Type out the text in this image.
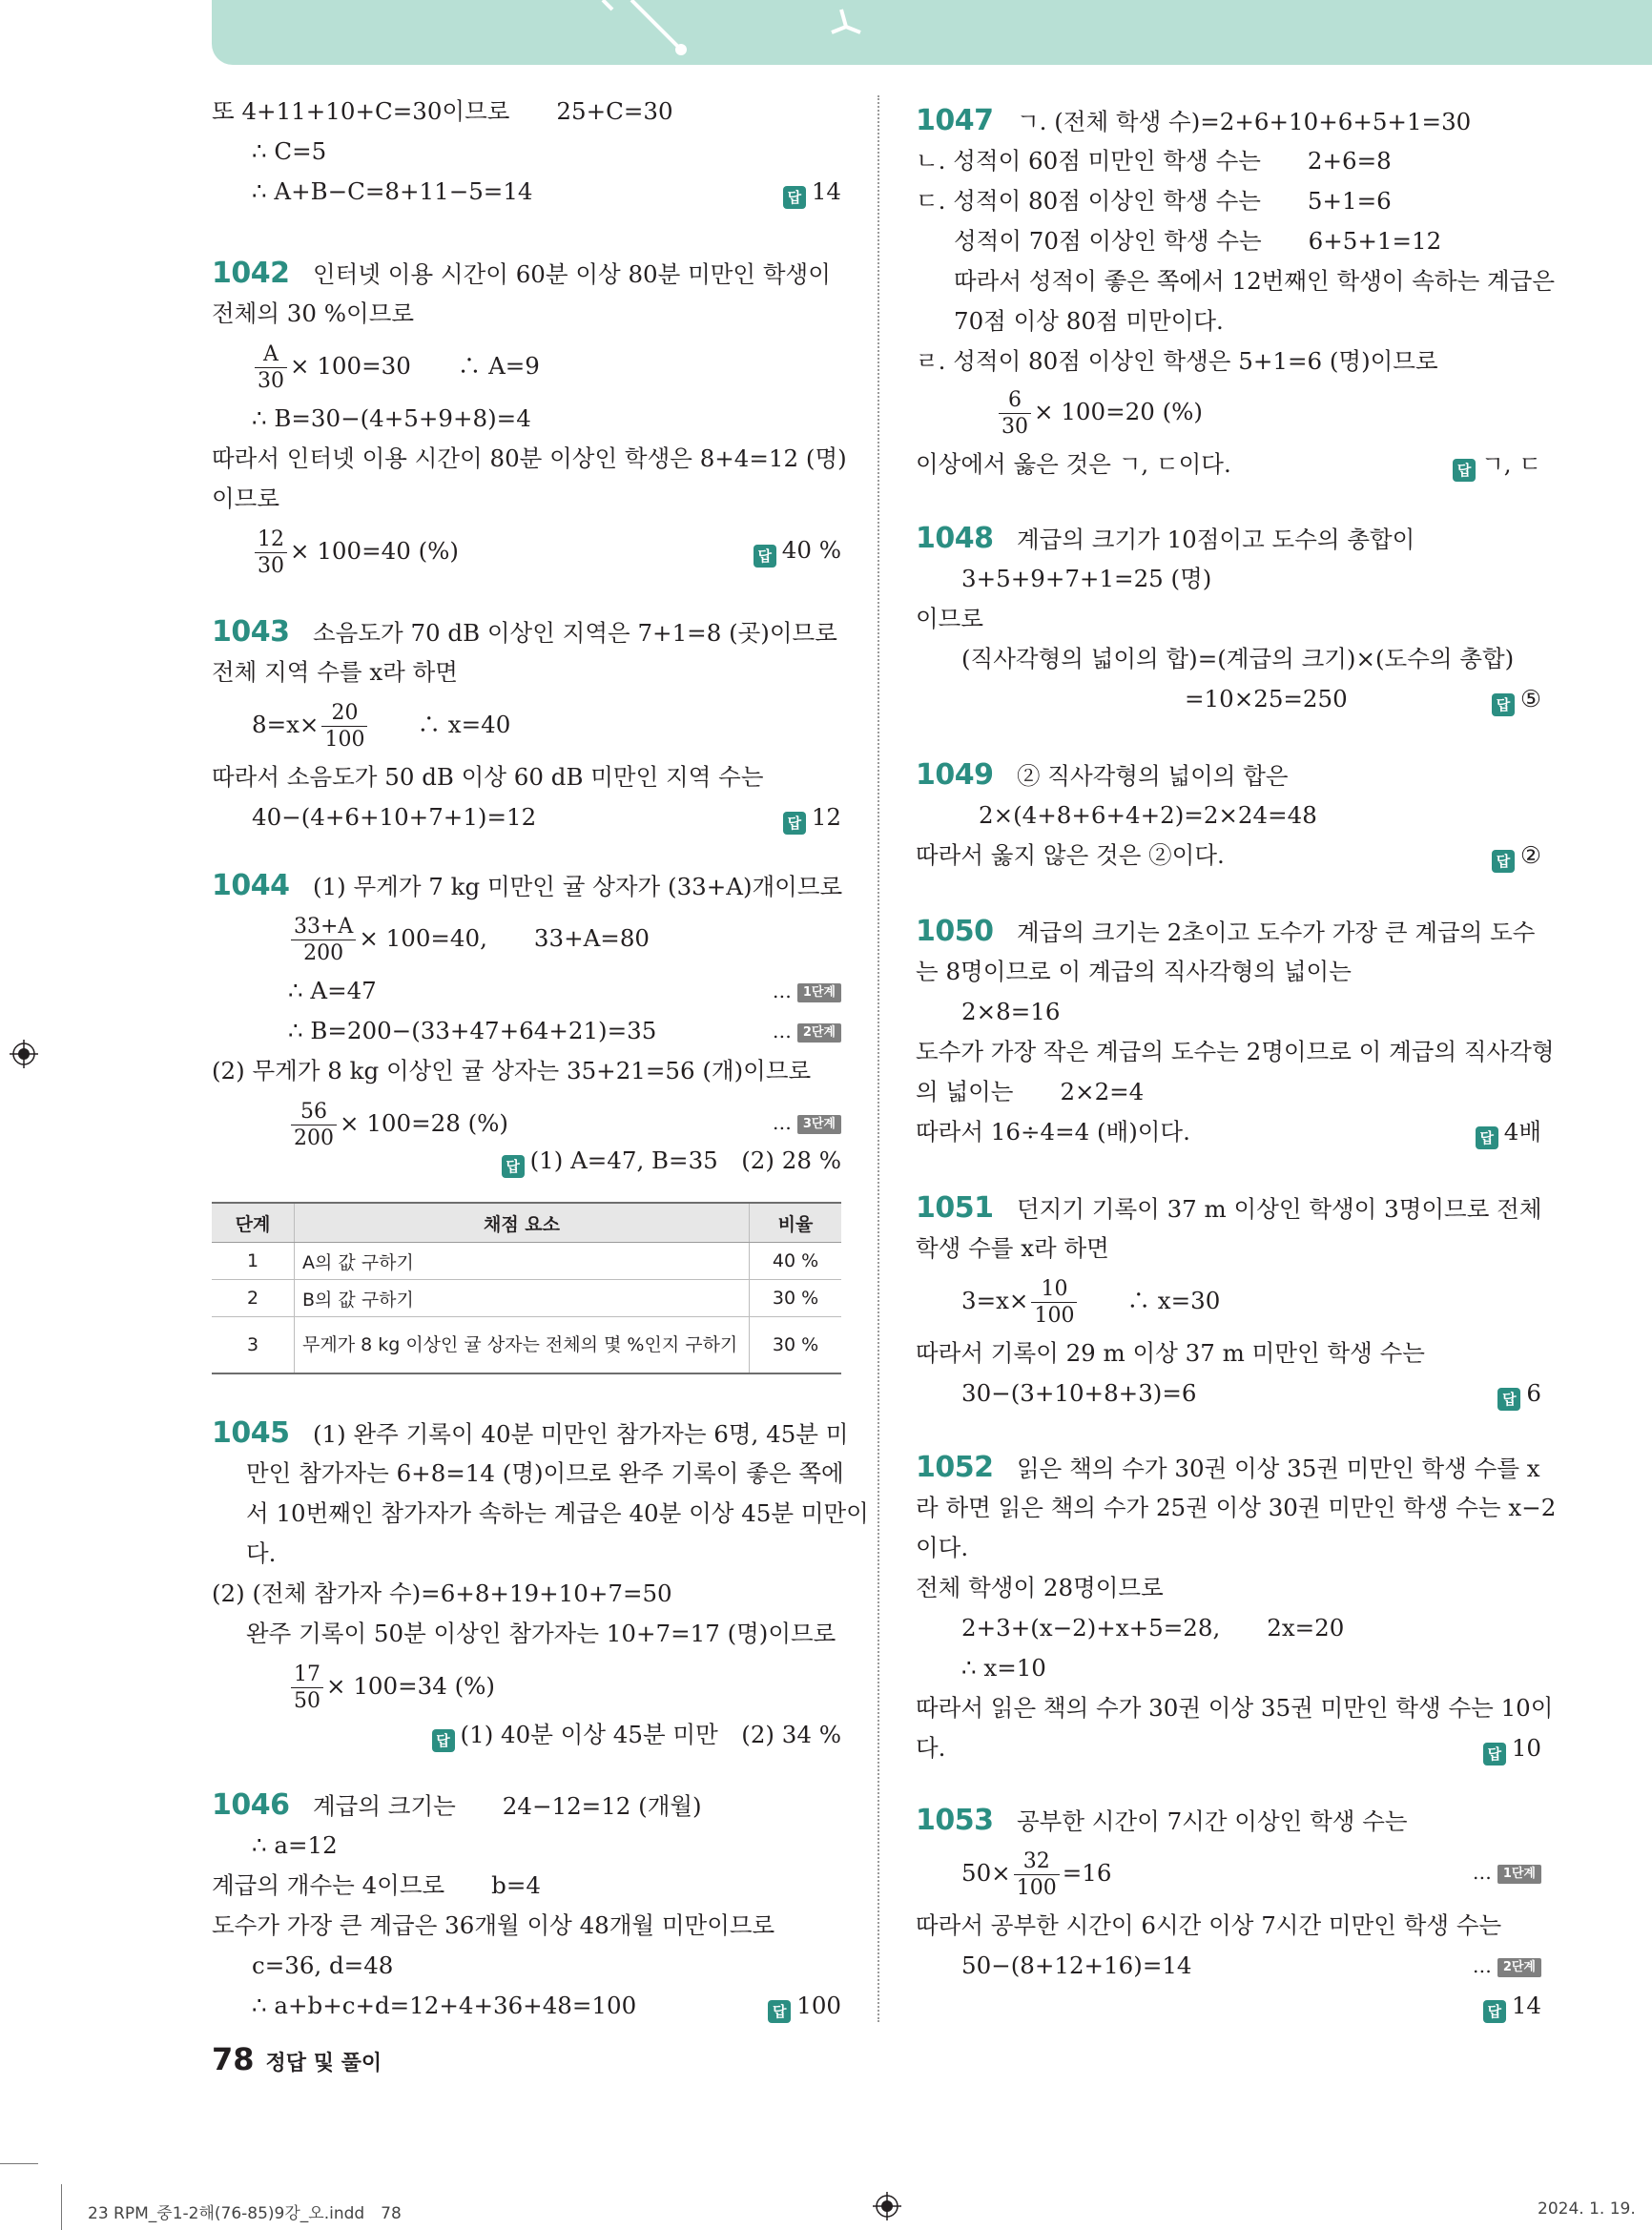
또 4+11+10+C=30이므로　　25+C=30
∴ C=5
∴ A+B−C=8+11−5=14	답 14
1042　 인터넷 이용 시간이 60분 이상 80분 미만인 학생이
전체의 30 %이므로
$\frac{A}{30} \times 100=30$　　∴ A=9
∴ B=30−(4+5+9+8)=4
따라서 인터넷 이용 시간이 80분 이상인 학생은 8+4=12 (명)
이므로
$\frac{12}{30} \times 100=40$ (%)	답 40 %
1043　 소음도가 70 dB 이상인 지역은 7+1=8 (곳)이므로
전체 지역 수를 x라 하면
$8=x\times \frac{20}{100}$
　　 ∴ x=40
따라서 소음도가 50 dB 이상 60 dB 미만인 지역 수는
40−(4+6+10+7+1)=12	답 12
1044　 (1) 무게가 7 kg 미만인 귤 상자가 (33+A)개이므로
$\frac{33+A}{200} \times 100=40$,　　33+A=80
∴ A=47	… 1단계
∴ B=200−(33+47+64+21)=35	… 2단계
(2) 무게가 8 kg 이상인 귤 상자는 35+21=56 (개)이므로
$\frac{56}{200} \times 100=28$ (%)	… 3단계
답 (1) A=47, B=35　(2) 28 %
단계	채점 요소	비율
1	A의 값 구하기	40 %
2	B의 값 구하기	30 %
3	무게가 8 kg 이상인 귤 상자는 전체의 몇 %인지 구하기	30 %
1045　 (1) 완주 기록이 40분 미만인 참가자는 6명, 45분 미
만인 참가자는 6+8=14 (명)이므로 완주 기록이 좋은 쪽에
서 10번째인 참가자가 속하는 계급은 40분 이상 45분 미만이
다.
(2) (전체 참가자 수)=6+8+19+10+7=50
완주 기록이 50분 이상인 참가자는 10+7=17 (명)이므로
$\frac{17}{50} \times 100=34$ (%)
답 (1) 40분 이상 45분 미만　(2) 34 %
1046　 계급의 크기는　　24−12=12 (개월)
∴ a=12
계급의 개수는 4이므로　　b=4
도수가 가장 큰 계급은 36개월 이상 48개월 미만이므로
c=36, d=48
∴ a+b+c+d=12+4+36+48=100	답 100
1047　 ㄱ. (전체 학생 수)=2+6+10+6+5+1=30
ㄴ. 성적이 60점 미만인 학생 수는　　2+6=8
ㄷ. 성적이 80점 이상인 학생 수는　　5+1=6
성적이 70점 이상인 학생 수는　　6+5+1=12
따라서 성적이 좋은 쪽에서 12번째인 학생이 속하는 계급은
70점 이상 80점 미만이다.
ㄹ. 성적이 80점 이상인 학생은 5+1=6 (명)이므로
$\frac{6}{30} \times 100=20$ (%)
이상에서 옳은 것은 ㄱ, ㄷ이다.	답 ㄱ, ㄷ
1048　 계급의 크기가 10점이고 도수의 총합이
3+5+9+7+1=25 (명)
이므로
(직사각형의 넓이의 합)=(계급의 크기)×(도수의 총합)
=10×25=250	답 ⑤
1049　 ② 직사각형의 넓이의 합은
2×(4+8+6+4+2)=2×24=48
따라서 옳지 않은 것은 ②이다.	답 ②
1050　 계급의 크기는 2초이고 도수가 가장 큰 계급의 도수
는 8명이므로 이 계급의 직사각형의 넓이는
2×8=16
도수가 가장 작은 계급의 도수는 2명이므로 이 계급의 직사각형
의 넓이는　　2×2=4
따라서 16÷4=4 (배)이다.	답 4배
1051　 던지기 기록이 37 m 이상인 학생이 3명이므로 전체
학생 수를 x라 하면
$3=x\times \frac{10}{100}$
　　 ∴ x=30
따라서 기록이 29 m 이상 37 m 미만인 학생 수는
30−(3+10+8+3)=6	답 6
1052　 읽은 책의 수가 30권 이상 35권 미만인 학생 수를 x
라 하면 읽은 책의 수가 25권 이상 30권 미만인 학생 수는 x−2
이다.
전체 학생이 28명이므로
2+3+(x−2)+x+5=28,　　2x=20
∴ x=10
따라서 읽은 책의 수가 30권 이상 35권 미만인 학생 수는 10이
다.	답 10
1053　 공부한 시간이 7시간 이상인 학생 수는
$50\times \frac{32}{100} =16$	… 1단계
따라서 공부한 시간이 6시간 이상 7시간 미만인 학생 수는
50−(8+12+16)=14	… 2단계
답 14
78 정답 및 풀이
23 RPM_중1-2해(76-85)9강_오.indd　78	2024. 1. 19.
